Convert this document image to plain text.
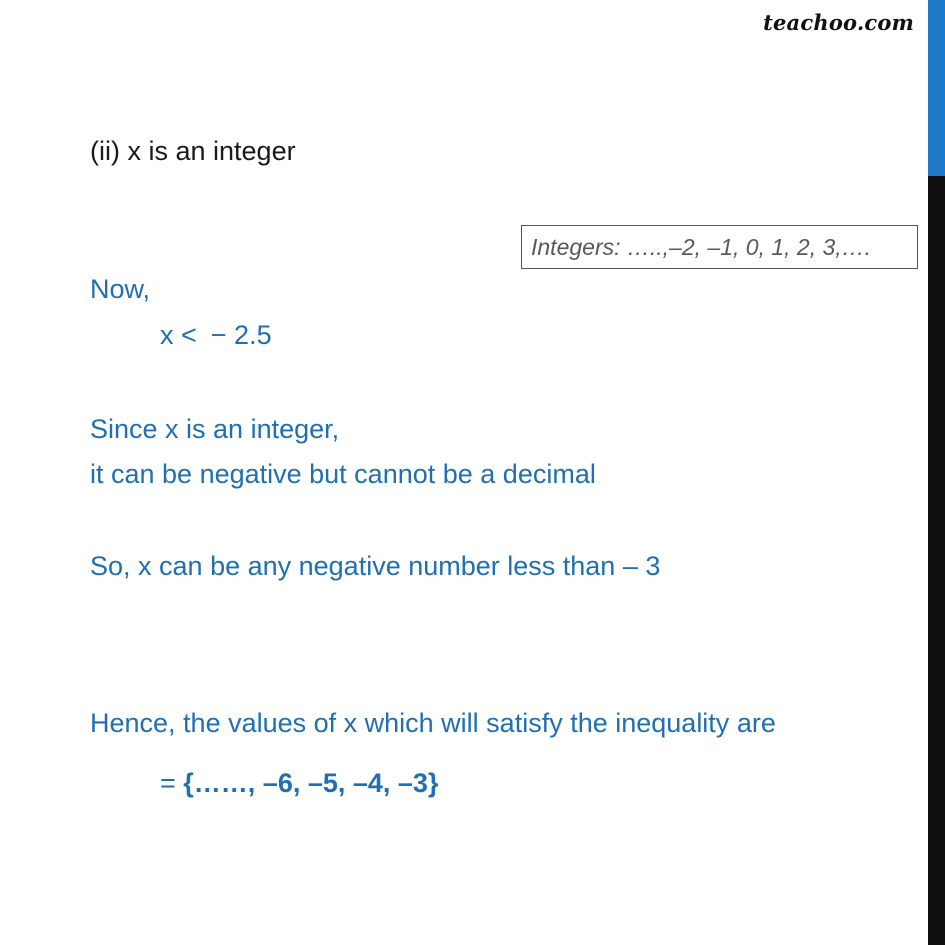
teachoo.com
(ii) x is an integer
Integers: …..,–2, –1, 0, 1, 2, 3,….
Now,
x < − 2.5
Since x is an integer,
it can be negative but cannot be a decimal
So, x can be any negative number less than – 3
Hence, the values of x which will satisfy the inequality are
= {……, –6, –5, –4, –3}
